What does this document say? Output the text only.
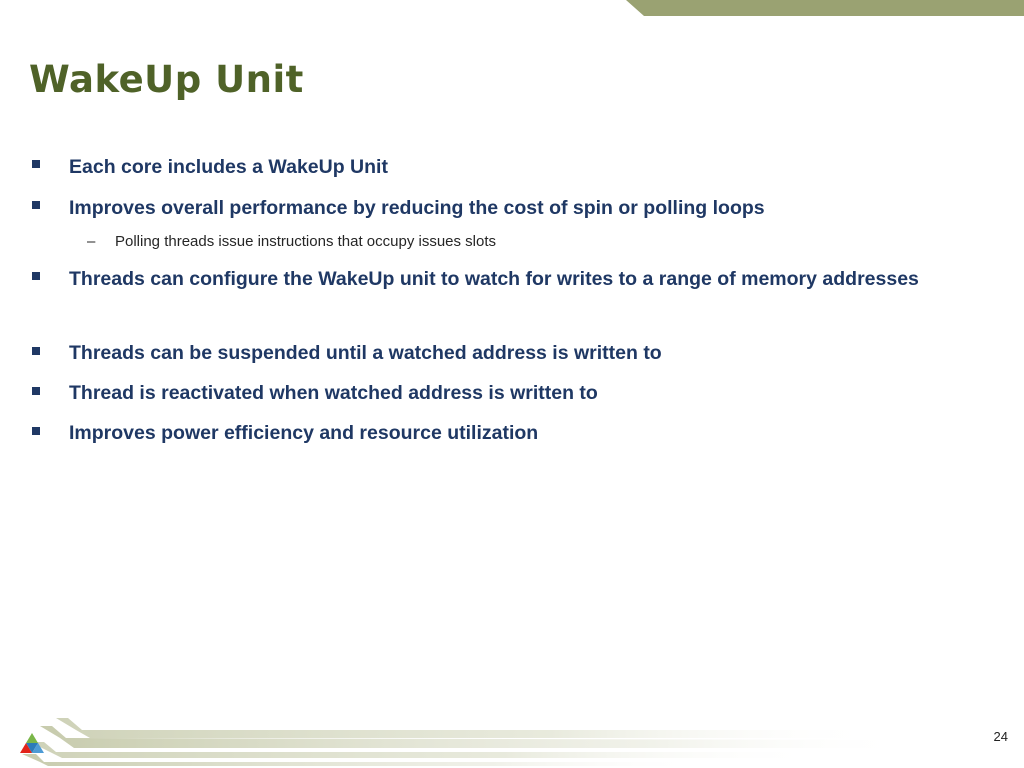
WakeUp Unit

Each core includes a WakeUp Unit

Improves overall performance by reducing the cost of spin or polling loops

– Polling threads issue instructions that occupy issues slots

Threads can configure the WakeUp unit to watch for writes to a range of memory addresses

Threads can be suspended until a watched address is written to

Thread is reactivated when watched address is written to

Improves power efficiency and resource utilization

24
